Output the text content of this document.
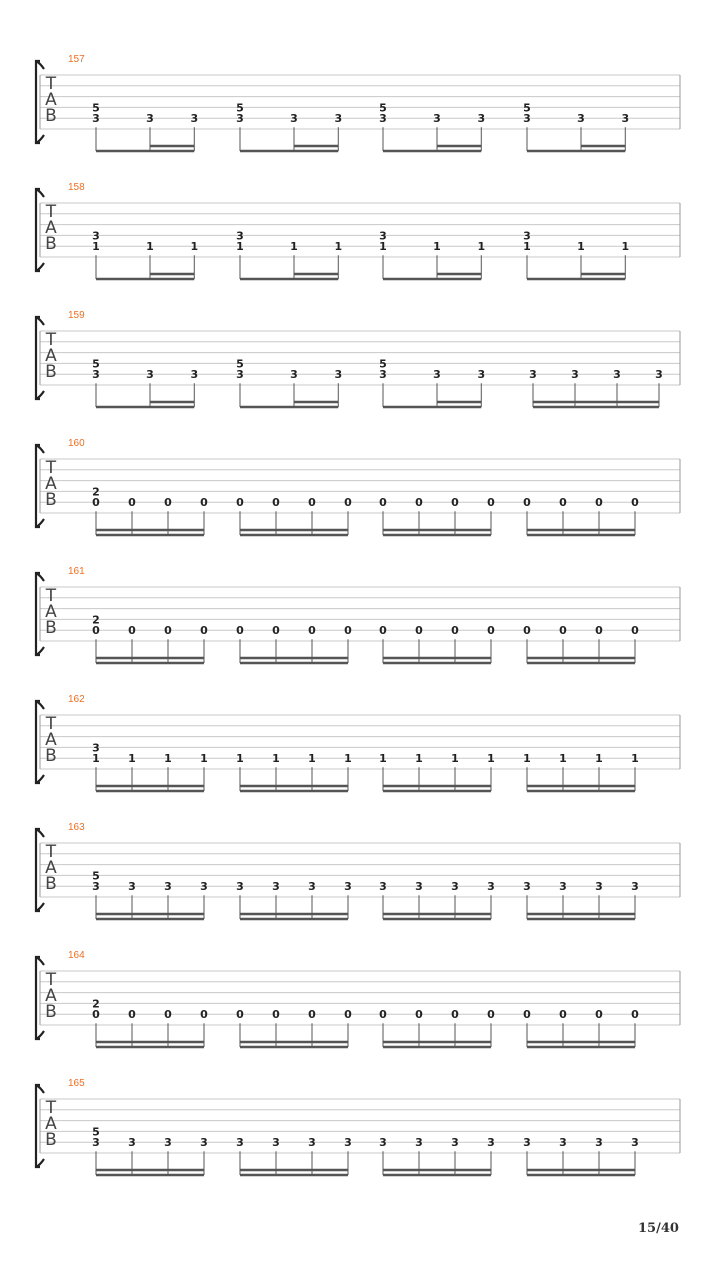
T
A
B
157
3
5
3	3	3
5
3	3	3
5
3	3	3
5
3	3
T
A
B
158
1
3
1	1	1
3
1	1	1
3
1	1	1
3
1	1
T
A
B
159
3
5
3	3	3
5
3	3	3
5
3	3	3	3	3	3
T
A
B
160
0
2
0	0	0	0	0	0	0 0	0	0	0	0	0	0	0
T
A
B
161
0
2
0	0	0	0	0	0	0 0	0	0	0	0	0	0	0
T
A
B
162
1
3
1	1	1	1	1	1	1 1	1	1	1	1	1	1	1
T
A
B
163
3
5
3	3	3	3	3	3	3 3	3	3	3	3	3	3	3
T
A
B
164
0
2
0	0	0	0	0	0	0 0	0	0	0	0	0	0	0
T
A
B
165
3
5
3	3	3	3	3	3	3 3	3	3	3	3	3	3	3
15/40
